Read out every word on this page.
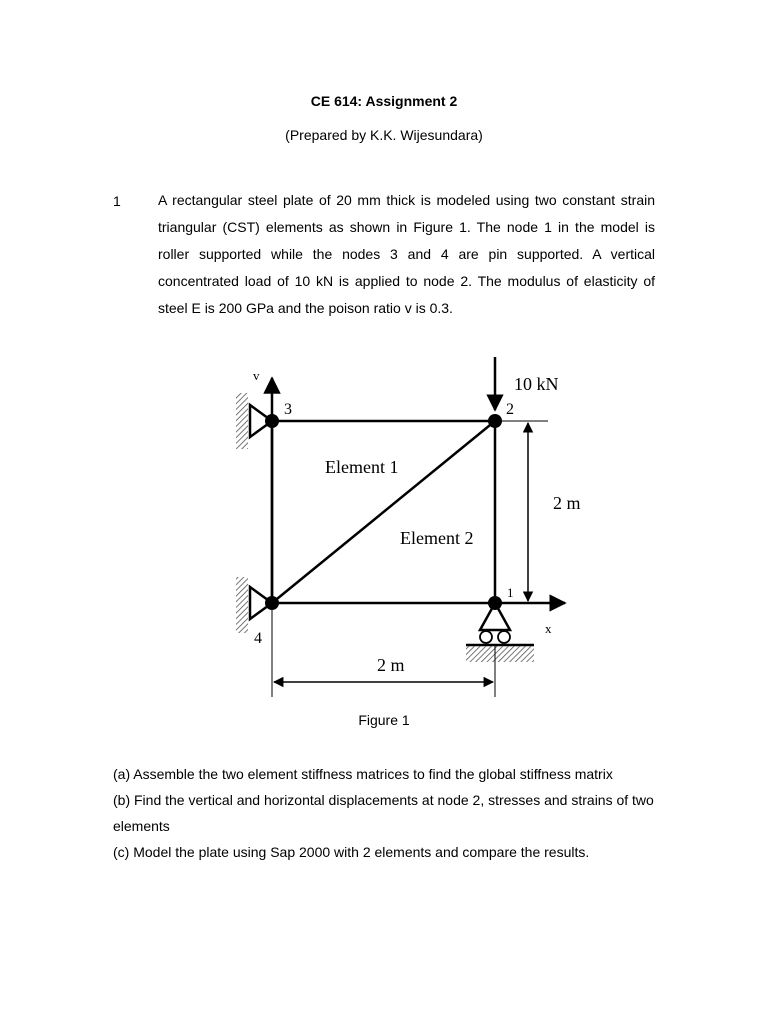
CE 614: Assignment 2
(Prepared by K.K. Wijesundara)
1	A rectangular steel plate of 20 mm thick is modeled using two constant strain triangular (CST) elements as shown in Figure 1. The node 1 in the model is roller supported while the nodes 3 and 4 are pin supported. A vertical concentrated load of 10 kN is applied to node 2. The modulus of elasticity of steel E is 200 GPa and the poison ratio v is 0.3.

v
x
1
2
3
4
10 kN
Element 1
Element 2
2 m
2 m
Figure 1
(a) Assemble the two element stiffness matrices to find the global stiffness matrix
(b) Find the vertical and horizontal displacements at node 2, stresses and strains of two elements
(c) Model the plate using Sap 2000 with 2 elements and compare the results.
